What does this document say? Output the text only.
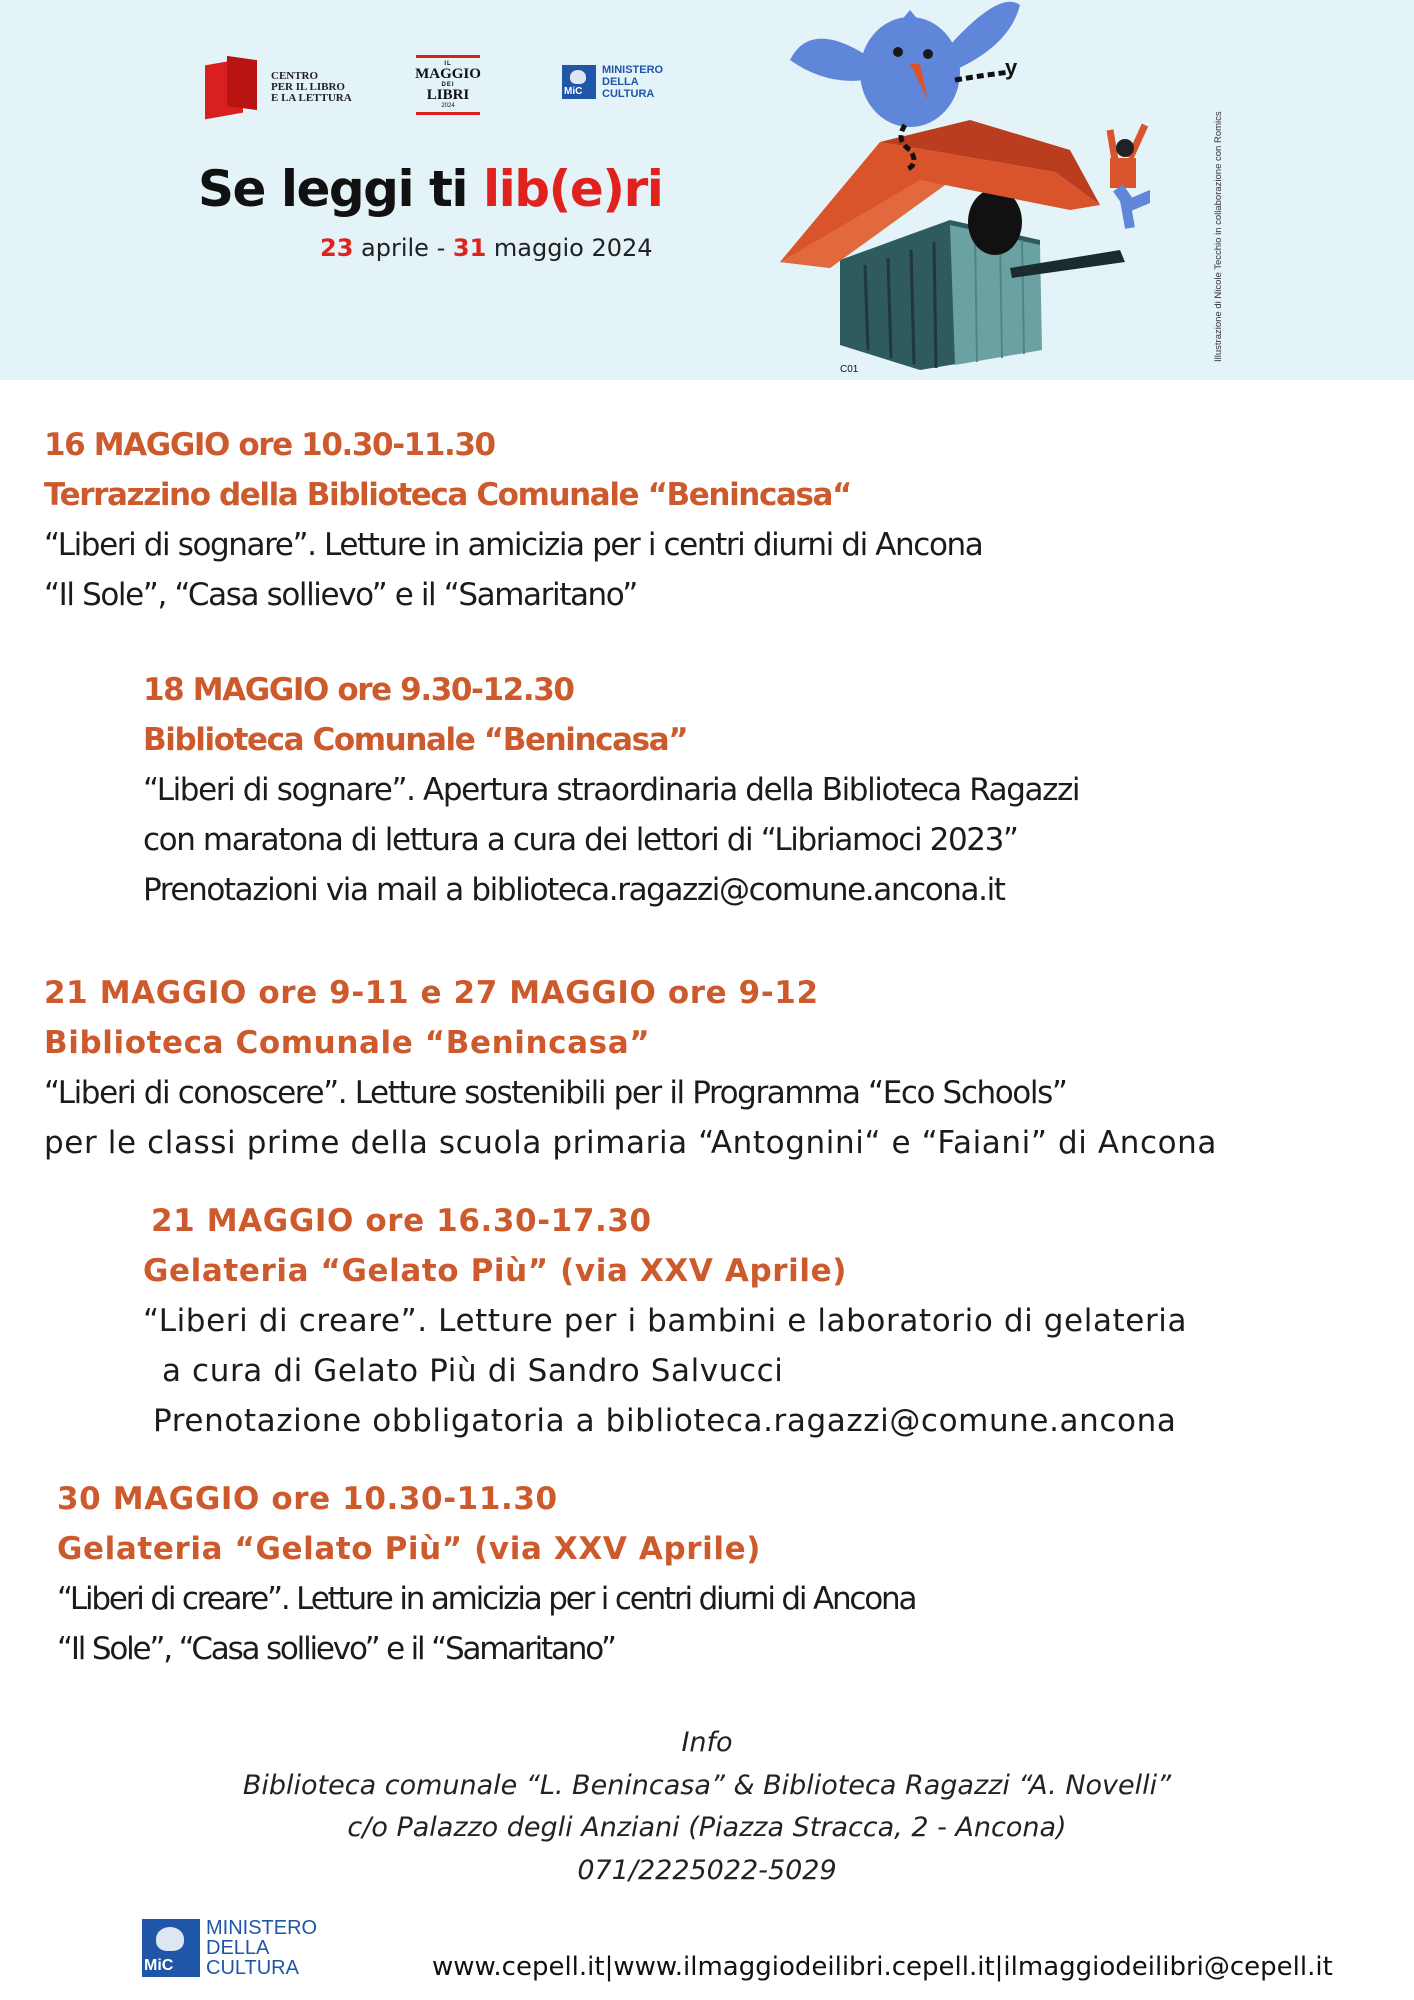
CENTRO
PER IL LIBRO
E LA LETTURA
IL
MAGGIO
DEI
LIBRI
2024
MiC
MINISTERO
DELLA
CULTURA
Se leggi ti lib(e)ri
23 aprile - 31 maggio 2024
C01
y
Illustrazione di Nicole Tecchio in collaborazione con Romics
16 MAGGIO ore 10.30-11.30
Terrazzino della Biblioteca Comunale “Benincasa“
“Liberi di sognare”. Letture in amicizia per i centri diurni di Ancona
“Il Sole”, “Casa sollievo” e il “Samaritano”
18 MAGGIO ore 9.30-12.30
Biblioteca Comunale “Benincasa”
“Liberi di sognare”. Apertura straordinaria della Biblioteca Ragazzi
con maratona di lettura a cura dei lettori di “Libriamoci 2023”
Prenotazioni via mail a biblioteca.ragazzi@comune.ancona.it
21 MAGGIO ore 9-11 e 27 MAGGIO ore 9-12
Biblioteca Comunale “Benincasa”
“Liberi di conoscere”. Letture sostenibili per il Programma “Eco Schools”
per le classi prime della scuola primaria “Antognini“ e “Faiani” di Ancona
21 MAGGIO ore 16.30-17.30
Gelateria “Gelato Più” (via XXV Aprile)
“Liberi di creare”. Letture per i bambini e laboratorio di gelateria
a cura di Gelato Più di Sandro Salvucci
Prenotazione obbligatoria a biblioteca.ragazzi@comune.ancona
30 MAGGIO ore 10.30-11.30
Gelateria “Gelato Più” (via XXV Aprile)
“Liberi di creare”. Letture in amicizia per i centri diurni di Ancona
“Il Sole”, “Casa sollievo” e il “Samaritano”
Info
Biblioteca comunale “L. Benincasa” & Biblioteca Ragazzi “A. Novelli”
c/o Palazzo degli Anziani (Piazza Stracca, 2 - Ancona)
071/2225022-5029
MiC
MINISTERO
DELLA
CULTURA	www.cepell.it|www.ilmaggiodeilibri.cepell.it|ilmaggiodeilibri@cepell.it
